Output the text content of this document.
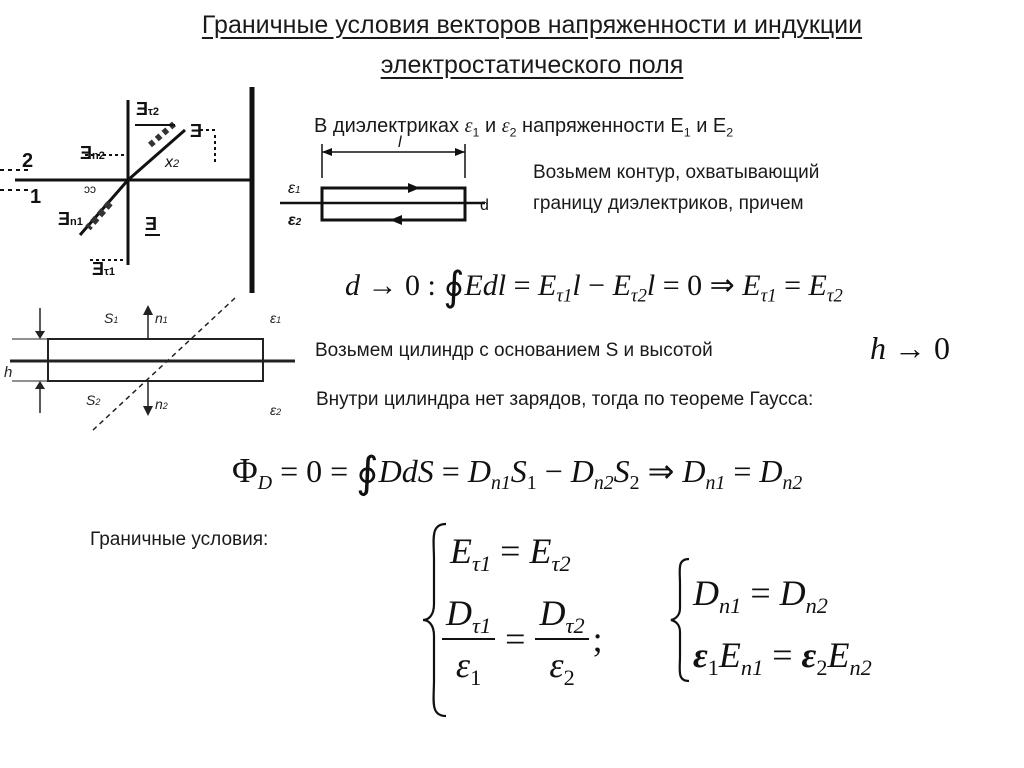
Граничные условия векторов напряженности и индукции
электростатического поля
Ǝτ2
Ǝ
Ǝn2	x2
2
1
Ǝn1	Ǝ
Ǝτ1
ɔɔ
S1	n1	ε1
h
S2	n2	ε2
ε1
ε2
l
d
В диэлектриках $\varepsilon_1$ и $\varepsilon_2$ напряженности $E_1$ и $E_2$
Возьмем контур, охватывающий
границу диэлектриков, причем
d → 0 : ∮Edl = $E_{\tau 1}l - E_{\tau 2}l = 0$ ⇒ $E_{\tau 1} = E_{\tau 2}$
Возьмем цилиндр с основанием S и высотой	h → 0
Внутри цилиндра нет зарядов, тогда по теореме Гаусса:
$\Phi_D = 0$ = ∮DdS = $D_{n1}S_1 - D_{n2}S_2$ ⇒ $D_{n1} = D_{n2}$
Граничные условия:	$E_{\tau 1} = E_{\tau 2}$
$\frac{D_{\tau 1}}{\varepsilon_1} = \frac{D_{\tau 2}}{\varepsilon_2}$ ;
$D_{n1} = D_{n2}$
$\varepsilon_1E_{n1} = \varepsilon_2E_{n2}$
